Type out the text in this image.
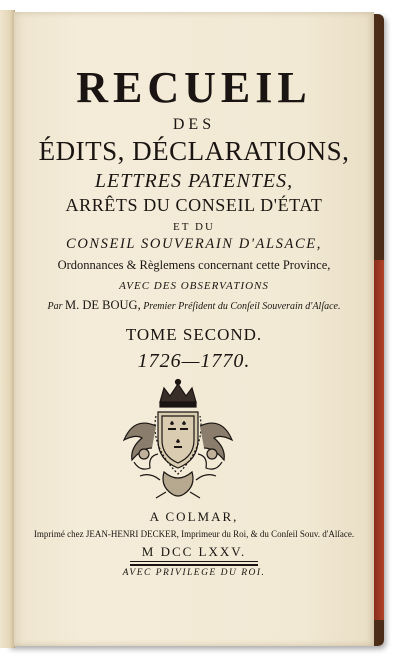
RECUEIL
DES
ÉDITS, DÉCLARATIONS,
LETTRES PATENTES,
ARRÊTS DU CONSEIL D'ÉTAT
ET DU
CONSEIL SOUVERAIN D'ALSACE,
Ordonnances & Règlemens concernant cette Province,
AVEC DES OBSERVATIONS
Par M. DE BOUG, Premier Préſident du Conſeil Souverain d'Alſace.
TOME SECOND.
1726—1770.
A COLMAR,
Imprimé chez JEAN-HENRI DECKER, Imprimeur du Roi, & du Conſeil Souv. d'Alſace.
M DCC LXXV.
AVEC PRIVILEGE DU ROI.
